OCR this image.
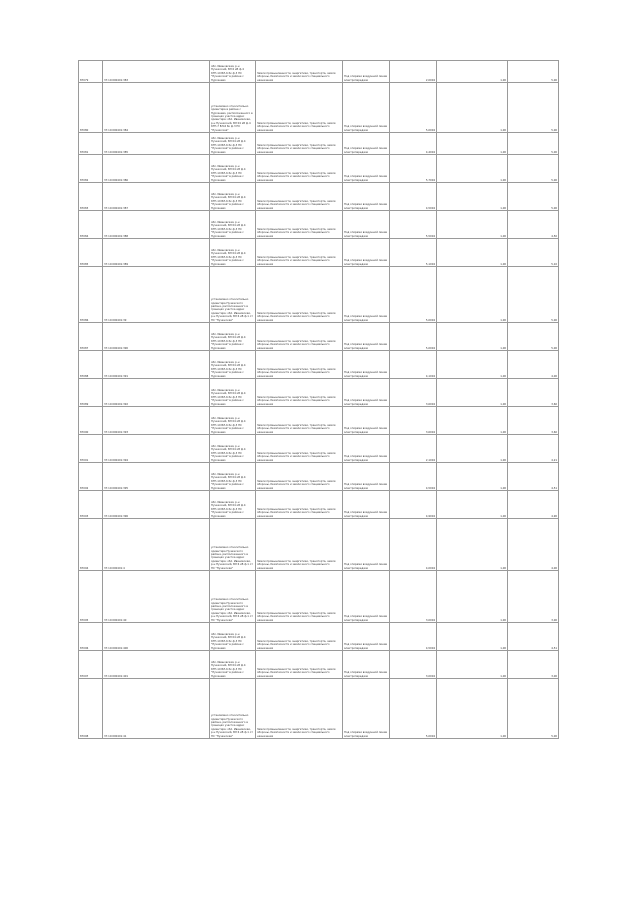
87079	37:10:000401:383	обл. Ивановская, р-н Пучежский, ВЛ 6 кВ ф.4 КТП-10 ВЛ-6 бк ф.3 ПС "Пучежская" в районе с Пурсанево	Земли промышленности, энергетики, транспорта, земли обороны, безопасности и земли иного специального назначения	Под опорами воздушной линии электропередачи	2,0004	1,00	5,00
87080	37:10:000401:384	установлено относительно ориентира в районе с Пурсанево, расположенного в границах участка адрес ориентира: обл. Ивановская, р-н Пучежский, ВЛ 04 кВ ф.4 КТП-7 ВЛ-6 бк ф.3 ПС "Пучежская"	Земли промышленности, энергетики, транспорта, земли обороны, безопасности и земли иного специального назначения	Под опорами воздушной линии электропередачи	5,0004	1,00	5,00
87081	37:10:000401:385	обл. Ивановская, р-н Пучежский, ВЛ 04 кВ ф.4 КТП-10 ВЛ-6 бк ф.3 ПС "Пучежская" в районе с Пурсанево	Земли промышленности, энергетики, транспорта, земли обороны, безопасности и земли иного специального назначения	Под опорами воздушной линии электропередачи	4,4004	1,00	5,00
87082	37:10:000401:386	обл. Ивановская, р-н Пучежский, ВЛ 04 кВ ф.4 КТП-10 ВЛ-6 бк ф.3 ПС "Пучежская" в районе с Пурсанево	Земли промышленности, энергетики, транспорта, земли обороны, безопасности и земли иного специального назначения	Под опорами воздушной линии электропередачи	5,7004	1,00	5,00
87083	37:10:000401:387	обл. Ивановская, р-н Пучежский, ВЛ 04 кВ ф.4 КТП-10 ВЛ-6 бк ф.3 ПС "Пучежская" в районе с Пурсанево	Земли промышленности, энергетики, транспорта, земли обороны, безопасности и земли иного специального назначения	Под опорами воздушной линии электропередачи	4,5004	1,00	5,00
87084	37:10:000401:388	обл. Ивановская, р-н Пучежский, ВЛ 04 кВ ф.4 КТП-10 ВЛ-6 бк ф.3 ПС "Пучежская" в районе с Пурсанево	Земли промышленности, энергетики, транспорта, земли обороны, безопасности и земли иного специального назначения	Под опорами воздушной линии электропередачи	5,5004	1,00	4,50
87085	37:10:000401:389	обл. Ивановская, р-н Пучежский, ВЛ 04 кВ ф.4 КТП-10 ВЛ-6 бк ф.3 ПС "Пучежская" в районе с Пурсанево	Земли промышленности, энергетики, транспорта, земли обороны, безопасности и земли иного специального назначения	Под опорами воздушной линии электропередачи	5,1004	1,00	5,10
87086	37:10:000401:39	установлено относительно ориентира Пучежского района, расположенного в границах участка адрес ориентира: обл. Ивановская, р-н Пучежский, ВЛ 6 кВ ф.1 от ПС "Пучежская"	Земли промышленности, энергетики, транспорта, земли обороны, безопасности и земли иного специального назначения	Под опорами воздушной линии электропередачи	5,0004	1,00	5,00
87087	37:10:000401:390	обл. Ивановская, р-н Пучежский, ВЛ 04 кВ ф.4 КТП-10 ВЛ-6 бк ф.3 ПС "Пучежская" в районе с Пурсанево	Земли промышленности, энергетики, транспорта, земли обороны, безопасности и земли иного специального назначения	Под опорами воздушной линии электропередачи	5,0004	1,00	5,00
87088	37:10:000401:391	обл. Ивановская, р-н Пучежский, ВЛ 04 кВ ф.4 КТП-10 ВЛ-6 бк ф.3 ПС "Пучежская" в районе с Пурсанево	Земли промышленности, энергетики, транспорта, земли обороны, безопасности и земли иного специального назначения	Под опорами воздушной линии электропередачи	4,1004	1,00	4,00
87089	37:10:000401:392	обл. Ивановская, р-н Пучежский, ВЛ 04 кВ ф.4 КТП-10 ВЛ-6 бк ф.3 ПС "Пучежская" в районе с Пурсанево	Земли промышленности, энергетики, транспорта, земли обороны, безопасности и земли иного специального назначения	Под опорами воздушной линии электропередачи	3,6004	1,00	3,60
87090	37:10:000401:393	обл. Ивановская, р-н Пучежский, ВЛ 04 кВ ф.4 КТП-10 ВЛ-6 бк ф.3 ПС "Пучежская" в районе с Пурсанево	Земли промышленности, энергетики, транспорта, земли обороны, безопасности и земли иного специального назначения	Под опорами воздушной линии электропередачи	3,6004	1,00	3,60
87091	37:10:000401:394	обл. Ивановская, р-н Пучежский, ВЛ 04 кВ ф.4 КТП-10 ВЛ-6 бк ф.3 ПС "Пучежская" в районе с Пурсанево	Земли промышленности, энергетики, транспорта, земли обороны, безопасности и земли иного специального назначения	Под опорами воздушной линии электропередачи	2,1004	1,00	4,21
87092	37:10:000401:395	обл. Ивановская, р-н Пучежский, ВЛ 04 кВ ф.4 КТП-10 ВЛ-6 бк ф.3 ПС "Пучежская" в районе с Пурсанево	Земли промышленности, энергетики, транспорта, земли обороны, безопасности и земли иного специального назначения	Под опорами воздушной линии электропередачи	4,5004	1,00	4,51
87093	37:10:000401:396	обл. Ивановская, р-н Пучежский, ВЛ 04 кВ ф.4 КТП-10 ВЛ-6 бк ф.3 ПС "Пучежская" в районе с Пурсанево	Земли промышленности, энергетики, транспорта, земли обороны, безопасности и земли иного специального назначения	Под опорами воздушной линии электропередачи	4,9004	1,00	4,90
87094	37:10:000401:4	установлено относительно ориентира Пучежского района, расположенного в границах участка адрес ориентира: обл. Ивановская, р-н Пучежский, ВЛ 6 кВ ф.1 от ПС "Пучежская"	Земли промышленности, энергетики, транспорта, земли обороны, безопасности и земли иного специального назначения	Под опорами воздушной линии электропередачи	4,0004	1,00	4,00
87095	37:10:000401:40	установлено относительно ориентира Пучежского района, расположенного в границах участка адрес ориентира: обл. Ивановская, р-н Пучежский, ВЛ 6 кВ ф.1 от ПС "Пучежская"	Земли промышленности, энергетики, транспорта, земли обороны, безопасности и земли иного специального назначения	Под опорами воздушной линии электропередачи	3,0004	1,00	3,00
87096	37:10:000401:400	обл. Ивановская, р-н Пучежский, ВЛ 04 кВ ф.4 КТП-10 ВЛ-6 бк ф.3 ПС "Пучежская" в районе с Пурсанево	Земли промышленности, энергетики, транспорта, земли обороны, безопасности и земли иного специального назначения	Под опорами воздушной линии электропередачи	4,5004	1,00	4,51
87097	37:10:000401:401	обл. Ивановская, р-н Пучежский, ВЛ 04 кВ ф.4 КТП-10 ВЛ-6 бк ф.3 ПС "Пучежская" в районе с Пурсанево	Земли промышленности, энергетики, транспорта, земли обороны, безопасности и земли иного специального назначения	Под опорами воздушной линии электропередачи	3,0004	1,00	3,00
87098	37:10:000401:41	установлено относительно ориентира Пучежского района, расположенного в границах участка адрес ориентира: обл. Ивановская, р-н Пучежский, ВЛ 6 кВ ф.1 от ПС "Пучежская"	Земли промышленности, энергетики, транспорта, земли обороны, безопасности и земли иного специального назначения	Под опорами воздушной линии электропередачи	5,0004	1,00	5,00
